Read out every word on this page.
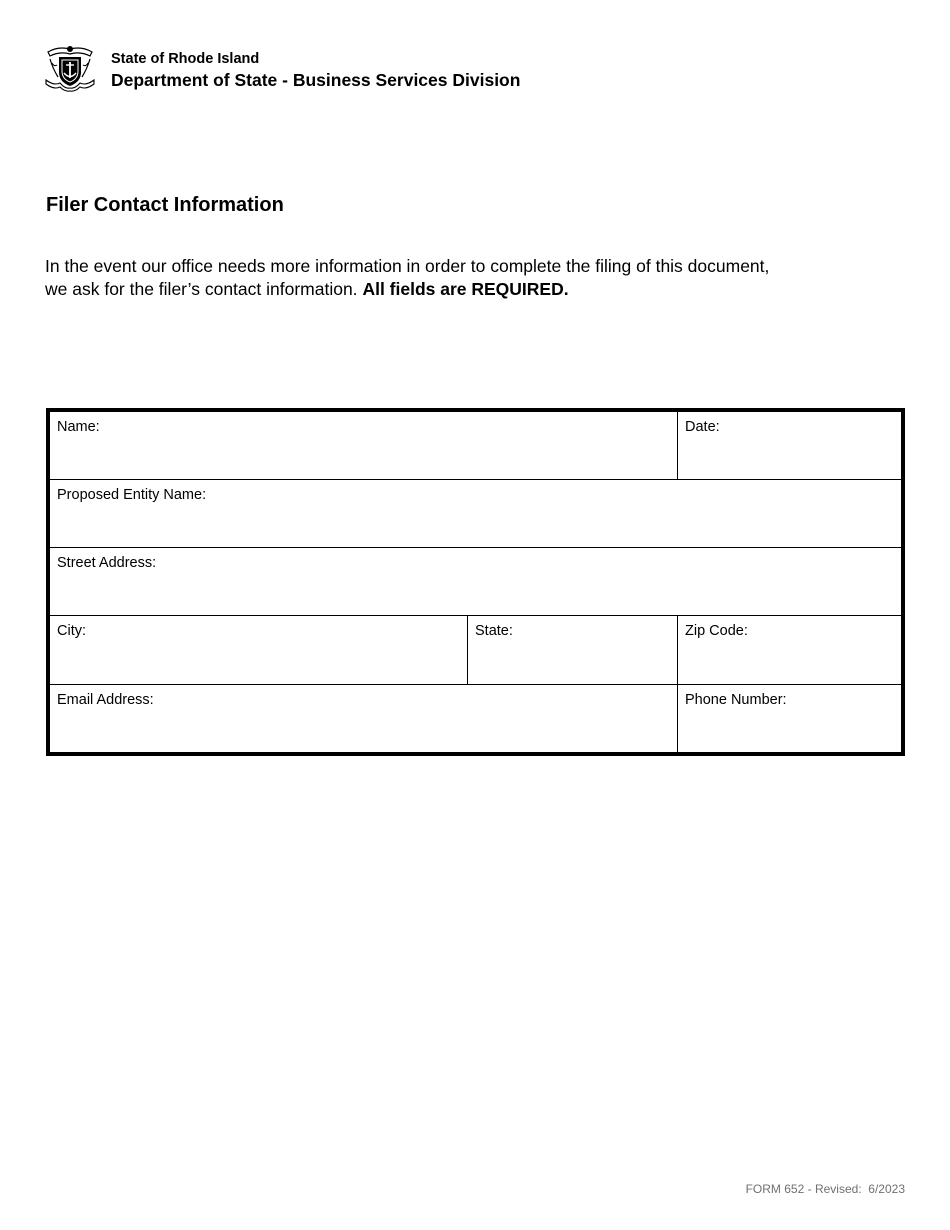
State of Rhode Island
Department of State - Business Services Division
Filer Contact Information
In the event our office needs more information in order to complete the filing of this document,
we ask for the filer’s contact information. All fields are REQUIRED.
Name:	Date:
Proposed Entity Name:
Street Address:
City:	State:	Zip Code:
Email Address:	Phone Number:
FORM 652 - Revised:  6/2023
